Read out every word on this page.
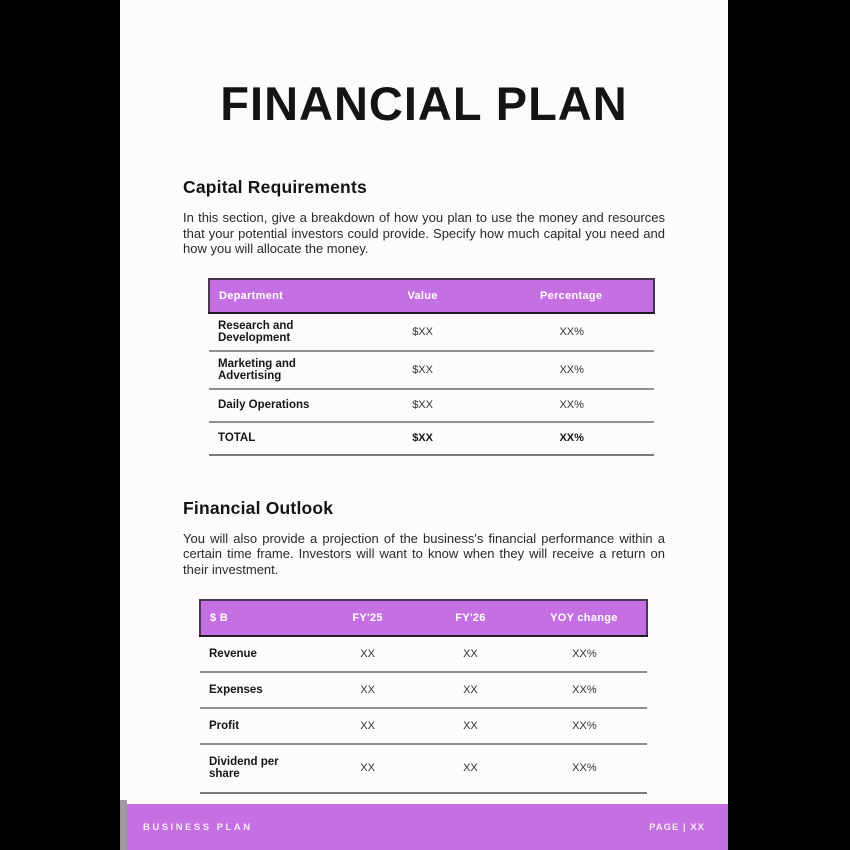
FINANCIAL PLAN
Capital Requirements

In this section, give a breakdown of how you plan to use the money and resources that your potential investors could provide. Specify how much capital you need and how you will allocate the money.

Department	Value	Percentage
Research and Development	$XX	XX%
Marketing and Advertising	$XX	XX%
Daily Operations	$XX	XX%
TOTAL	$XX	XX%
Financial Outlook

You will also provide a projection of the business's financial performance within a certain time frame. Investors will want to know when they will receive a return on their investment.

$ B	FY'25	FY'26	YOY change
Revenue	XX	XX	XX%
Expenses	XX	XX	XX%
Profit	XX	XX	XX%
Dividend per share	XX	XX	XX%
BUSINESS PLAN	PAGE | XX
